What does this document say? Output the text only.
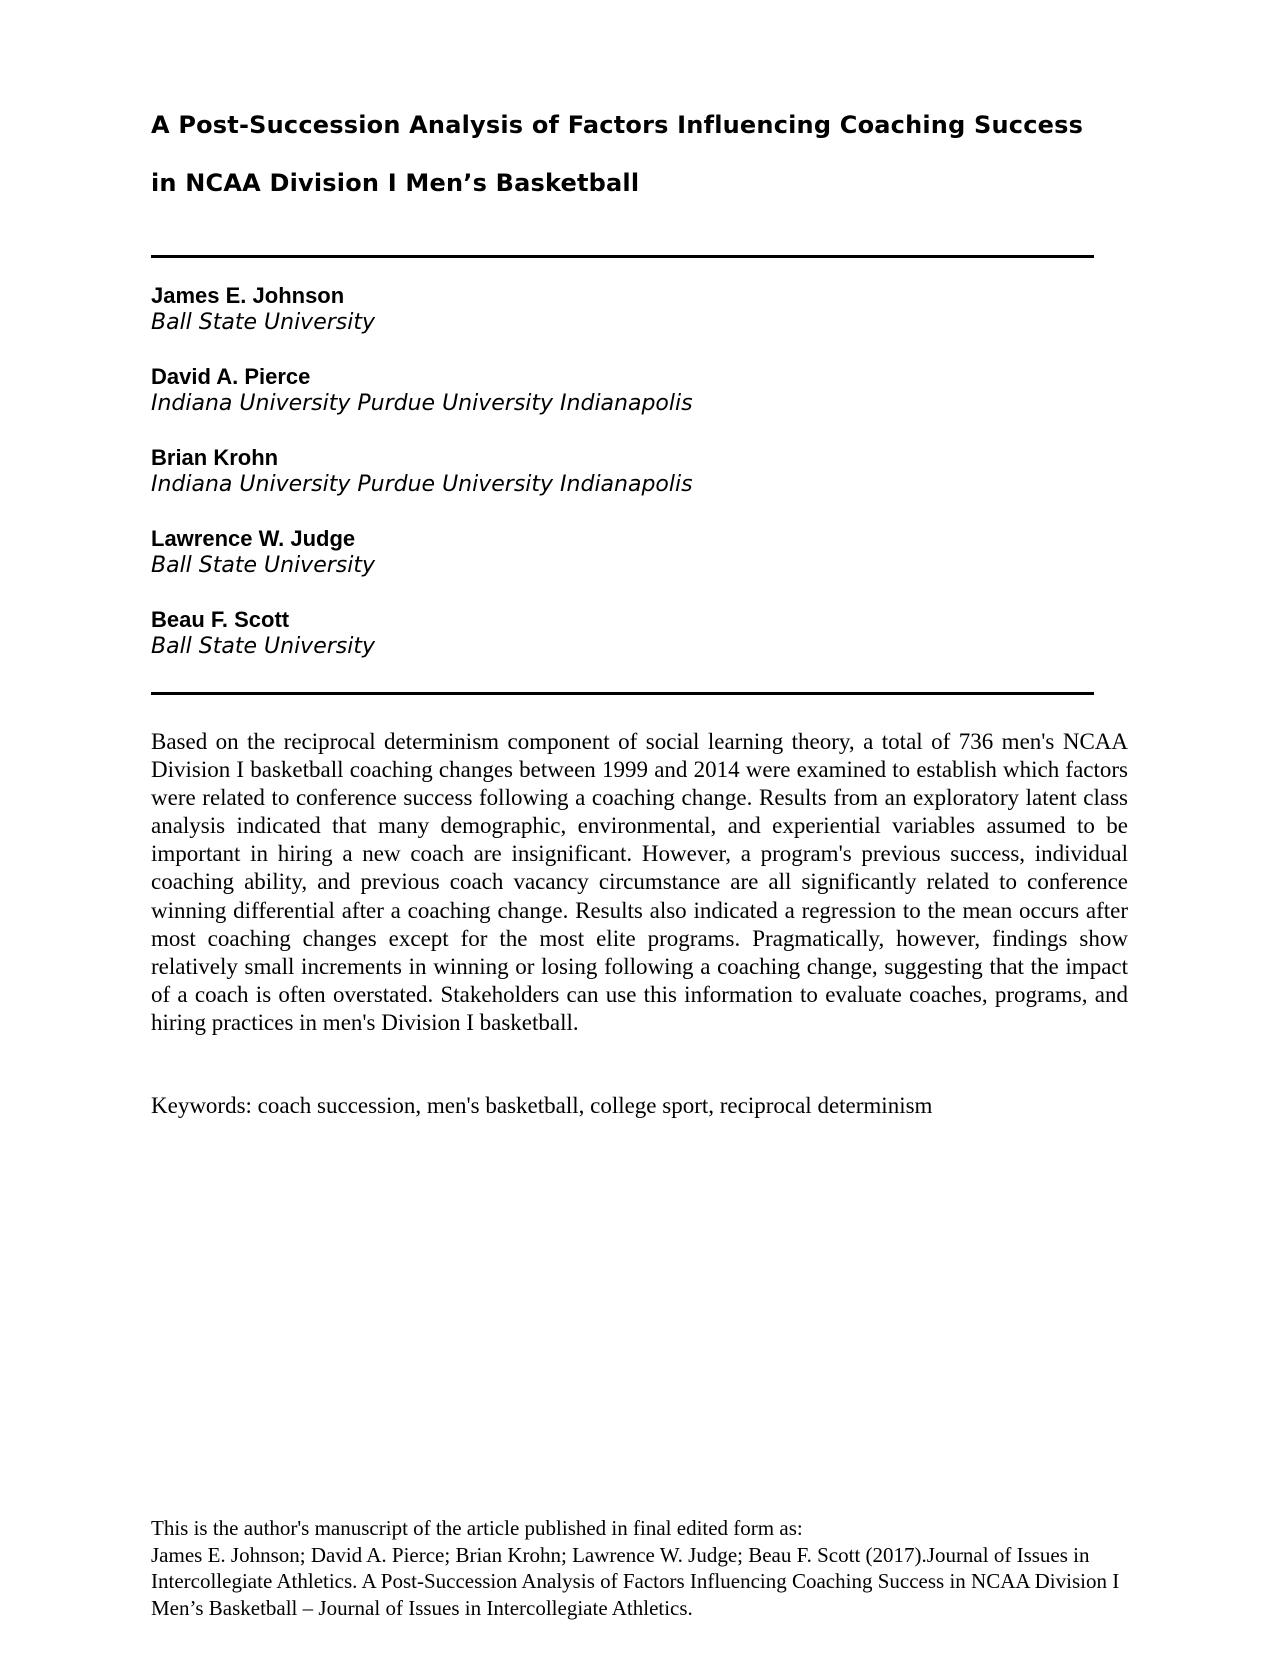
A Post-Succession Analysis of Factors Influencing Coaching Success
in NCAA Division I Men’s Basketball
James E. Johnson
Ball State University
David A. Pierce
Indiana University Purdue University Indianapolis
Brian Krohn
Indiana University Purdue University Indianapolis
Lawrence W. Judge
Ball State University
Beau F. Scott
Ball State University

Based on the reciprocal determinism component of social learning theory, a total of 736 men's NCAA Division I basketball coaching changes between 1999 and 2014 were examined to establish which factors were related to conference success following a coaching change. Results from an exploratory latent class analysis indicated that many demographic, environmental, and experiential variables assumed to be important in hiring a new coach are insignificant. However, a program's previous success, individual coaching ability, and previous coach vacancy circumstance are all significantly related to conference winning differential after a coaching change. Results also indicated a regression to the mean occurs after most coaching changes except for the most elite programs. Pragmatically, however, findings show relatively small increments in winning or losing following a coaching change, suggesting that the impact of a coach is often overstated. Stakeholders can use this information to evaluate coaches, programs, and hiring practices in men's Division I basketball.

Keywords: coach succession, men's basketball, college sport, reciprocal determinism

This is the author's manuscript of the article published in final edited form as:
James E. Johnson; David A. Pierce; Brian Krohn; Lawrence W. Judge; Beau F. Scott (2017).Journal of Issues in Intercollegiate Athletics. A Post-Succession Analysis of Factors Influencing Coaching Success in NCAA Division I Men’s Basketball – Journal of Issues in Intercollegiate Athletics.
